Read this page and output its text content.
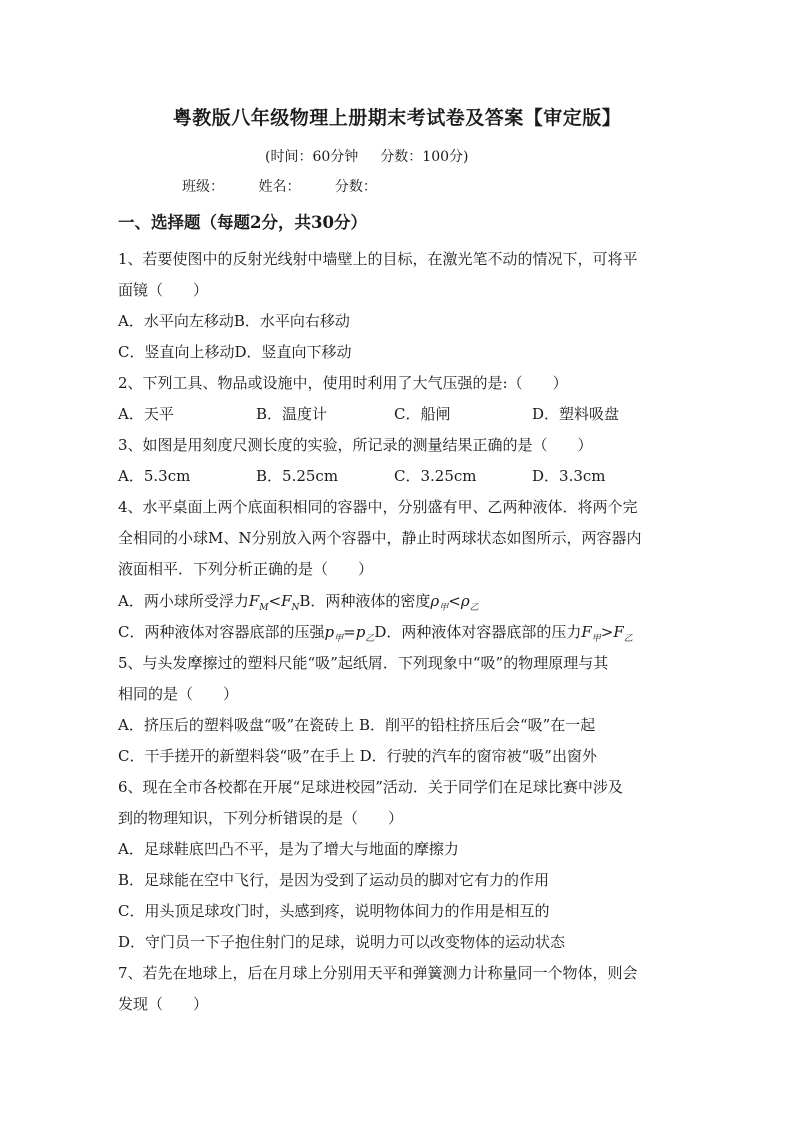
粤教版八年级物理上册期末考试卷及答案【审定版】
(时间：60分钟 分数：100分)
班级： 姓名： 分数：
一、选择题（每题2分，共30分）
1、若要使图中的反射光线射中墙壁上的目标，在激光笔不动的情况下，可将平
面镜（　　）
A．水平向左移动B．水平向右移动
C．竖直向上移动D．竖直向下移动
2、下列工具、物品或设施中，使用时利用了大气压强的是:（　　）
A．天平	B．温度计	C．船闸	D．塑料吸盘
3、如图是用刻度尺测长度的实验，所记录的测量结果正确的是（　　）
A．5.3cm	B．5.25cm	C．3.25cm	D．3.3cm
4、水平桌面上两个底面积相同的容器中，分别盛有甲、乙两种液体．将两个完
全相同的小球M、N分别放入两个容器中，静止时两球状态如图所示，两容器内
液面相平．下列分析正确的是（　　）
A．两小球所受浮力$F_M<F_NB$．两种液体的密度$\rho_甲<\rho_乙$
C．两种液体对容器底部的压强$p_甲=p_乙D$．两种液体对容器底部的压力$F_甲>F_乙$
5、与头发摩擦过的塑料尺能“吸”起纸屑．下列现象中“吸”的物理原理与其
相同的是（　　）
A．挤压后的塑料吸盘“吸”在瓷砖上 B．削平的铅柱挤压后会“吸”在一起
C．干手搓开的新塑料袋“吸”在手上 D．行驶的汽车的窗帘被“吸”出窗外
6、现在全市各校都在开展“足球进校园”活动．关于同学们在足球比赛中涉及
到的物理知识，下列分析错误的是（　　）
A．足球鞋底凹凸不平，是为了增大与地面的摩擦力
B．足球能在空中飞行，是因为受到了运动员的脚对它有力的作用
C．用头顶足球攻门时，头感到疼，说明物体间力的作用是相互的
D．守门员一下子抱住射门的足球，说明力可以改变物体的运动状态
7、若先在地球上，后在月球上分别用天平和弹簧测力计称量同一个物体，则会
发现（　　）
